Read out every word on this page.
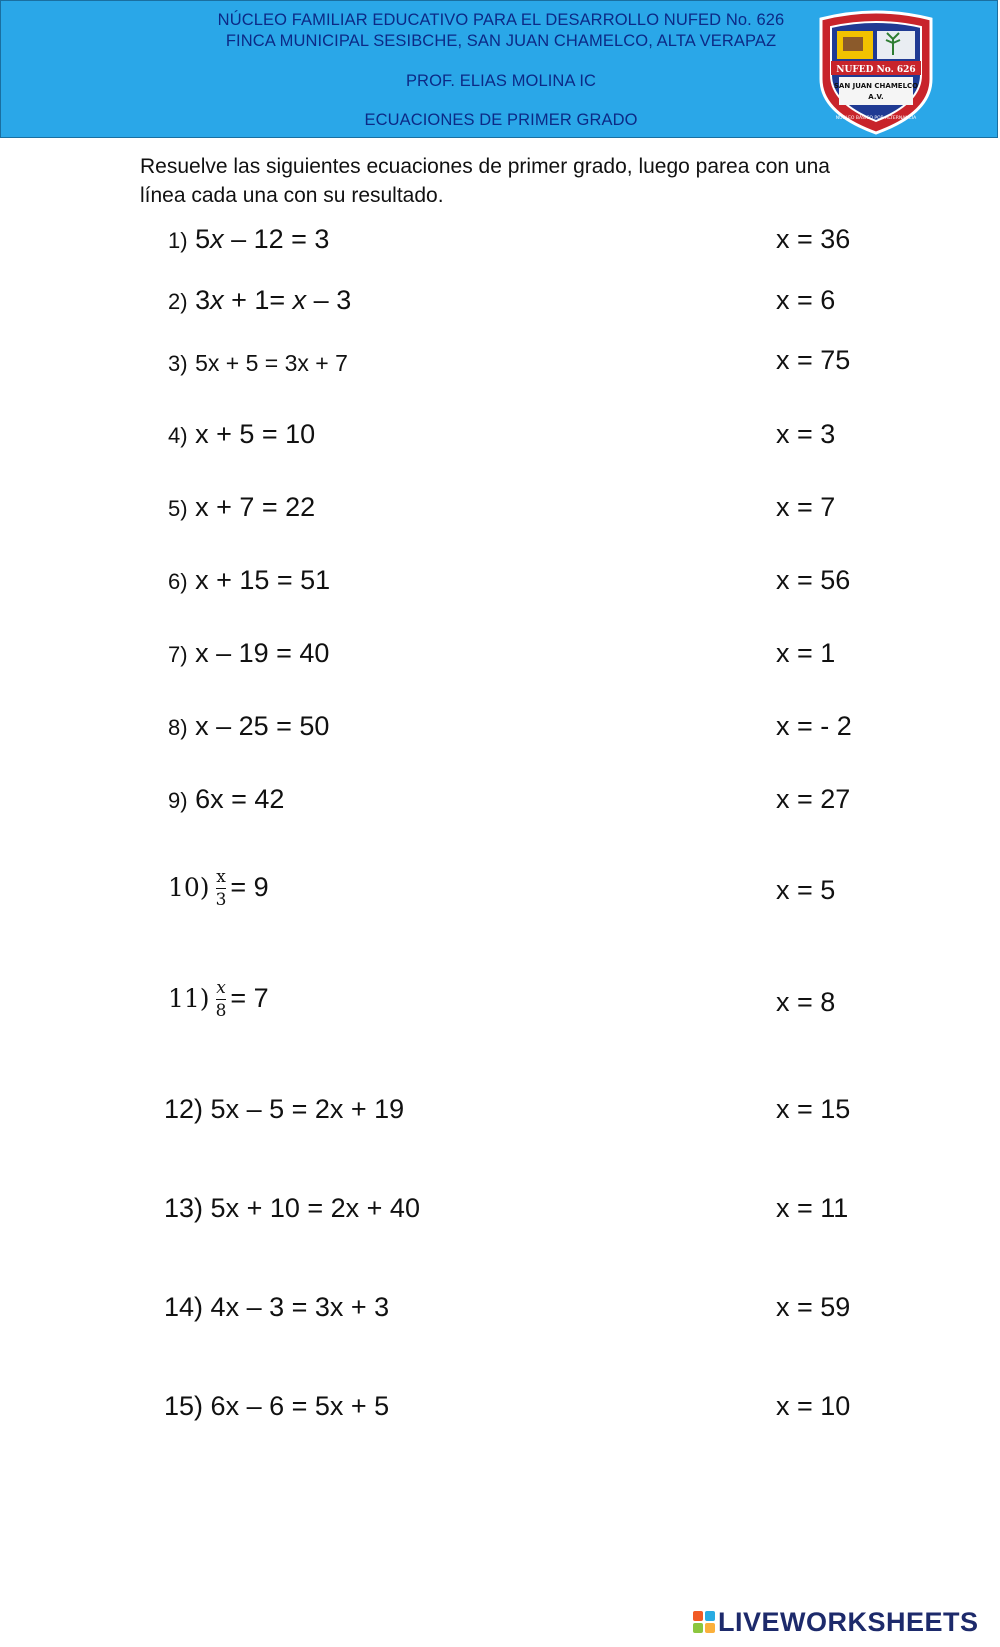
NÚCLEO FAMILIAR EDUCATIVO PARA EL DESARROLLO NUFED No. 626
FINCA MUNICIPAL SESIBCHE, SAN JUAN CHAMELCO, ALTA VERAPAZ
PROF. ELIAS MOLINA IC
ECUACIONES DE PRIMER GRADO
NUFED No. 626
SAN JUAN CHAMELCO
A.V.
NÚCLEO BÁSICO POR ALTERNANCIA
Resuelve las siguientes ecuaciones de primer grado, luego parea con una línea cada una con su resultado.
1) 5x – 12 = 3
2) 3x + 1= x – 3
3) 5x + 5 = 3x + 7
4) x + 5 = 10
5) x + 7 = 22
6) x + 15 = 51
7) x – 19 = 40
8) x – 25 = 50
9) 6x = 42
$10) \frac{x}{3} = 9$
$11) \frac{x}{8} = 7$
12) 5x – 5 = 2x + 19
13) 5x + 10 = 2x + 40
14) 4x – 3 = 3x + 3
15) 6x – 6 = 5x + 5
x = 36
x = 6
x = 75
x = 3
x = 7
x = 56
x = 1
x = - 2
x = 27
x = 5
x = 8
x = 15
x = 11
x = 59
x = 10
LIVEWORKSHEETS
